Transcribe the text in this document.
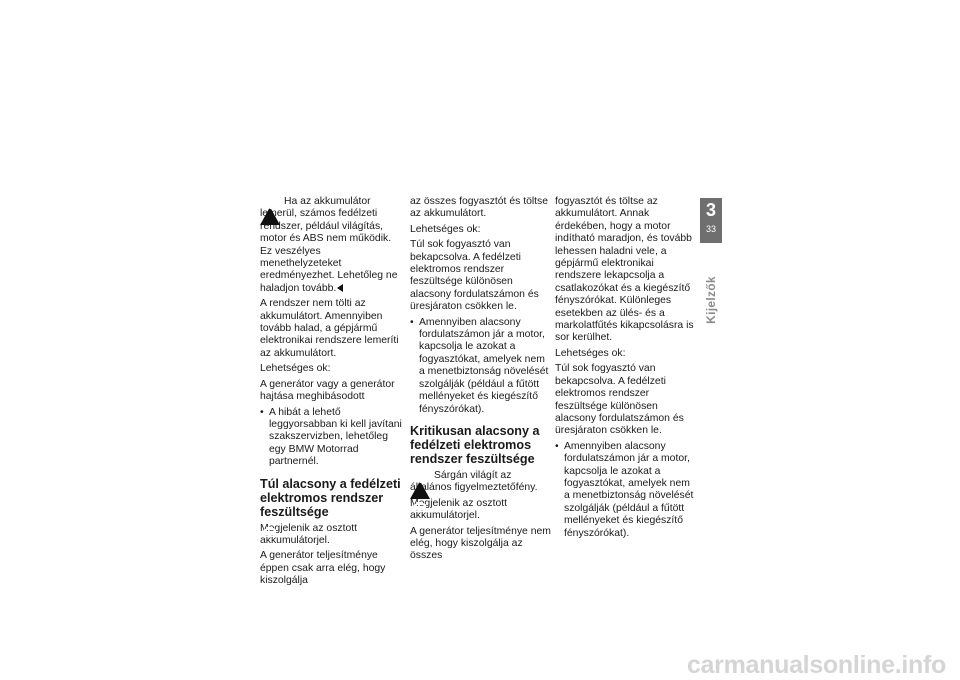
!
Ha az akkumulátor lemerül, számos fedélzeti rendszer, például világítás, motor és ABS nem működik. Ez veszélyes menethelyzeteket eredményezhet. Lehetőleg ne haladjon tovább.

A rendszer nem tölti az akkumulátort. Amennyiben tovább halad, a gépjármű elektronikai rendszere lemeríti az akkumulátort.

Lehetséges ok:

A generátor vagy a generátor hajtása meghibásodott

• A hibát a lehető leggyorsabban ki kell javítani szakszervizben, lehetőleg egy BMW Motorrad partnernél.
Túl alacsony a fedélzeti elektromos rendszer feszültsége

Megjelenik az osztott akkumulátorjel.

A generátor teljesítménye éppen csak arra elég, hogy kiszolgálja

az összes fogyasztót és töltse az akkumulátort.

Lehetséges ok:

Túl sok fogyasztó van bekapcsolva. A fedélzeti elektromos rendszer feszültsége különösen alacsony fordulatszámon és üresjáraton csökken le.

• Amennyiben alacsony fordulatszámon jár a motor, kapcsolja le azokat a fogyasztókat, amelyek nem a menetbiztonság növelését szolgálják (például a fűtött mellényeket és kiegészítő fényszórókat).
Kritikusan alacsony a fedélzeti elektromos rendszer feszültsége

!
Sárgán világít az általános figyelmeztetőfény.

Megjelenik az osztott akkumulátorjel.

A generátor teljesítménye nem elég, hogy kiszolgálja az összes

fogyasztót és töltse az akkumulátort. Annak érdekében, hogy a motor indítható maradjon, és tovább lehessen haladni vele, a gépjármű elektronikai rendszere lekapcsolja a csatlakozókat és a kiegészítő fényszórókat. Különleges esetekben az ülés- és a markolatfűtés kikapcsolásra is sor kerülhet.

Lehetséges ok:

Túl sok fogyasztó van bekapcsolva. A fedélzeti elektromos rendszer feszültsége különösen alacsony fordulatszámon és üresjáraton csökken le.

• Amennyiben alacsony fordulatszámon jár a motor, kapcsolja le azokat a fogyasztókat, amelyek nem a menetbiztonság növelését szolgálják (például a fűtött mellényeket és kiegészítő fényszórókat).
3
33
Kijelzők
carmanualsonline.info
